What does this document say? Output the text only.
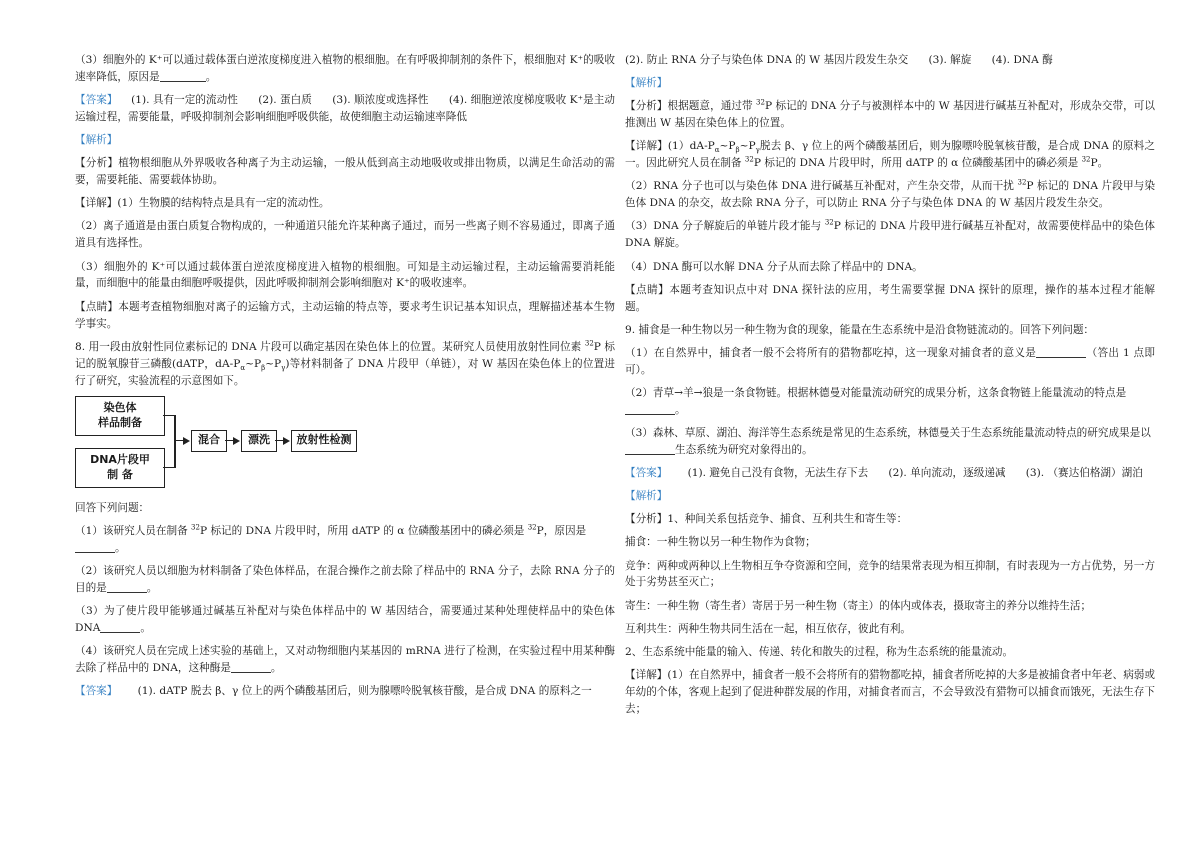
（3）细胞外的 K⁺可以通过载体蛋白逆浓度梯度进入植物的根细胞。在有呼吸抑制剂的条件下，根细胞对 K⁺的吸收速率降低，原因是	。

【答案】    (1). 具有一定的流动性      (2). 蛋白质      (3). 顺浓度或选择性      (4). 细胞逆浓度梯度吸收 K⁺是主动运输过程，需要能量，呼吸抑制剂会影响细胞呼吸供能，故使细胞主动运输速率降低

【解析】

【分析】植物根细胞从外界吸收各种离子为主动运输，一般从低到高主动地吸收或排出物质，以满足生命活动的需要，需要耗能、需要载体协助。

【详解】(1）生物膜的结构特点是具有一定的流动性。

（2）离子通道是由蛋白质复合物构成的，一种通道只能允许某种离子通过，而另一些离子则不容易通过，即离子通道具有选择性。

（3）细胞外的 K⁺可以通过载体蛋白逆浓度梯度进入植物的根细胞。可知是主动运输过程，主动运输需要消耗能量，而细胞中的能量由细胞呼吸提供，因此呼吸抑制剂会影响细胞对 K⁺的吸收速率。

【点睛】本题考查植物细胞对离子的运输方式，主动运输的特点等，要求考生识记基本知识点，理解描述基本生物学事实。

8. 用一段由放射性同位素标记的 DNA 片段可以确定基因在染色体上的位置。某研究人员使用放射性同位素 $^{32}$P 标记的脱氧腺苷三磷酸(dATP，$dA-P_\alpha\sim P_\beta\sim P_\gamma$)等材料制备了 DNA 片段甲（单链），对 W 基因在染色体上的位置进行了研究，实验流程的示意图如下。

染色体
样品制备
DNA片段甲
制 备
混合	漂洗	放射性检测

回答下列问题：

（1）该研究人员在制备 $^{32}$P 标记的 DNA 片段甲时，所用 dATP 的 α 位磷酸基团中的磷必须是 $^{32}$P，原因是
。

（2）该研究人员以细胞为材料制备了染色体样品，在混合操作之前去除了样品中的 RNA 分子，去除 RNA 分子的目的是	。

（3）为了使片段甲能够通过碱基互补配对与染色体样品中的 W 基因结合，需要通过某种处理使样品中的染色体 DNA	。

（4）该研究人员在完成上述实验的基础上，又对动物细胞内某基因的 mRNA 进行了检测，在实验过程中用某种酶去除了样品中的 DNA，这种酶是	。

【答案】      (1). dATP 脱去 β、γ 位上的两个磷酸基团后，则为腺嘌呤脱氧核苷酸，是合成 DNA 的原料之一

(2). 防止 RNA 分子与染色体 DNA 的 W 基因片段发生杂交      (3). 解旋      (4). DNA 酶

【解析】

【分析】根据题意，通过带 $^{32}$P 标记的 DNA 分子与被测样本中的 W 基因进行碱基互补配对，形成杂交带，可以推测出 W 基因在染色体上的位置。

【详解】$(1)dA-P_\alpha\sim P_\beta\sim P_\gamma$脱去 β、γ 位上的两个磷酸基团后，则为腺嘌呤脱氧核苷酸，是合成 DNA 的原料之一。因此研究人员在制备 $^{32}$P 标记的 DNA 片段甲时，所用 dATP 的 α 位磷酸基团中的磷必须是 $^{32}$P。

（2）RNA 分子也可以与染色体 DNA 进行碱基互补配对，产生杂交带，从而干扰 $^{32}$P 标记的 DNA 片段甲与染色体 DNA 的杂交，故去除 RNA 分子，可以防止 RNA 分子与染色体 DNA 的 W 基因片段发生杂交。

（3）DNA 分子解旋后的单链片段才能与 $^{32}$P 标记的 DNA 片段甲进行碱基互补配对，故需要使样品中的染色体 DNA 解旋。

（4）DNA 酶可以水解 DNA 分子从而去除了样品中的 DNA。

【点睛】本题考查知识点中对 DNA 探针法的应用，考生需要掌握 DNA 探针的原理，操作的基本过程才能解题。

9. 捕食是一种生物以另一种生物为食的现象，能量在生态系统中是沿食物链流动的。回答下列问题：

（1）在自然界中，捕食者一般不会将所有的猎物都吃掉，这一现象对捕食者的意义是	（答出 1 点即可）。

（2）青草→羊→狼是一条食物链。根据林德曼对能量流动研究的成果分析，这条食物链上能量流动的特点是
。

（3）森林、草原、湖泊、海洋等生态系统是常见的生态系统，林德曼关于生态系统能量流动特点的研究成果是以
生态系统为研究对象得出的。

【答案】      (1). 避免自己没有食物，无法生存下去      (2). 单向流动，逐级递减      (3). （赛达伯格湖）湖泊

【解析】

【分析】1、种间关系包括竞争、捕食、互利共生和寄生等：

捕食：一种生物以另一种生物作为食物；

竞争：两种或两种以上生物相互争夺资源和空间，竞争的结果常表现为相互抑制，有时表现为一方占优势，另一方处于劣势甚至灭亡；

寄生：一种生物（寄生者）寄居于另一种生物（寄主）的体内或体表，摄取寄主的养分以维持生活；

互利共生：两种生物共同生活在一起，相互依存，彼此有利。

2、生态系统中能量的输入、传递、转化和散失的过程，称为生态系统的能量流动。

【详解】(1）在自然界中，捕食者一般不会将所有的猎物都吃掉，捕食者所吃掉的大多是被捕食者中年老、病弱或年幼的个体，客观上起到了促进种群发展的作用，对捕食者而言，不会导致没有猎物可以捕食而饿死，无法生存下去；
